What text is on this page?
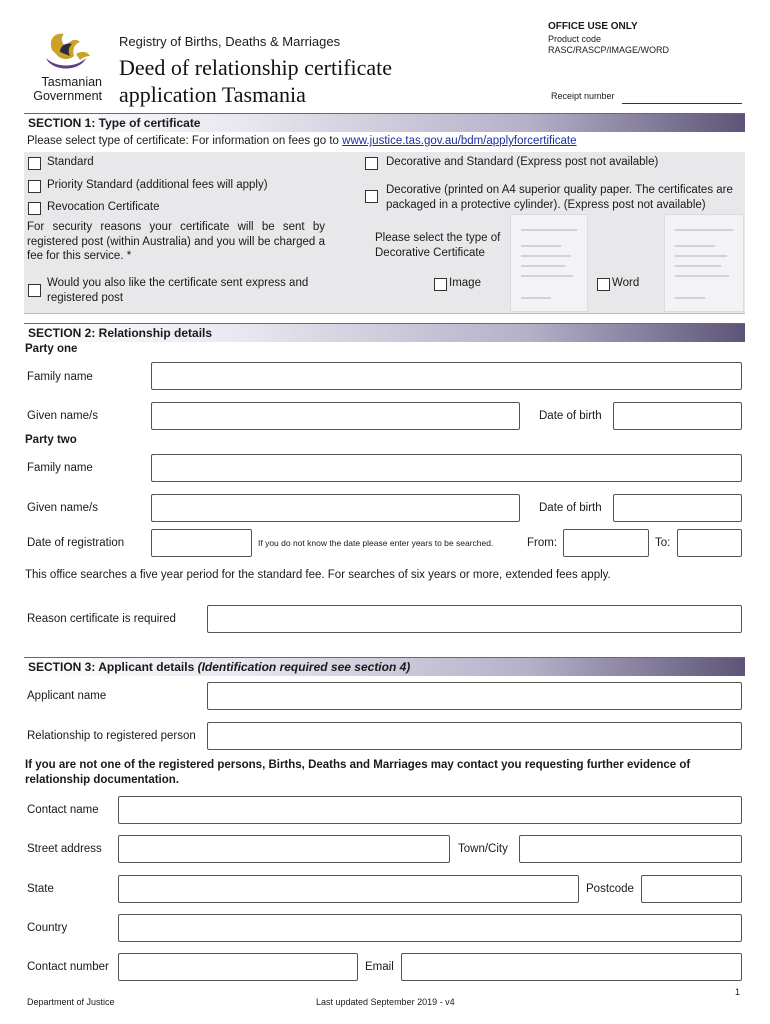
Tasmanian
Government
Registry of Births, Deaths & Marriages
Deed of relationship certificate
application Tasmania
OFFICE USE ONLY
Product code
RASC/RASCP/IMAGE/WORD
Receipt number
SECTION 1: Type of certificate
Please select type of certificate: For information on fees go to www.justice.tas.gov.au/bdm/applyforcertificate
Standard
Priority Standard (additional fees will apply)
Revocation Certificate
For security reasons your certificate will be sent by registered post (within Australia) and you will be charged a fee for this service. *
Would you also like the certificate sent express and registered post
Decorative and Standard (Express post not available)
Decorative (printed on A4 superior quality paper. The certificates are packaged in a protective cylinder). (Express post not available)
Please select the type of Decorative Certificate
Image	Word
SECTION 2: Relationship details
Party one
Family name
Given name/s	Date of birth
Party two
Family name
Given name/s	Date of birth
Date of registration	If you do not know the date please enter years to be searched.	From:	To:
This office searches a five year period for the standard fee. For searches of six years or more, extended fees apply.
Reason certificate is required
SECTION 3: Applicant details (Identification required see section 4)
Applicant name
Relationship to registered person
If you are not one of the registered persons, Births, Deaths and Marriages may contact you requesting further evidence of relationship documentation.
Contact name
Street address	Town/City
State	Postcode
Country
Contact number	Email
1
Department of Justice	Last updated September 2019 - v4
